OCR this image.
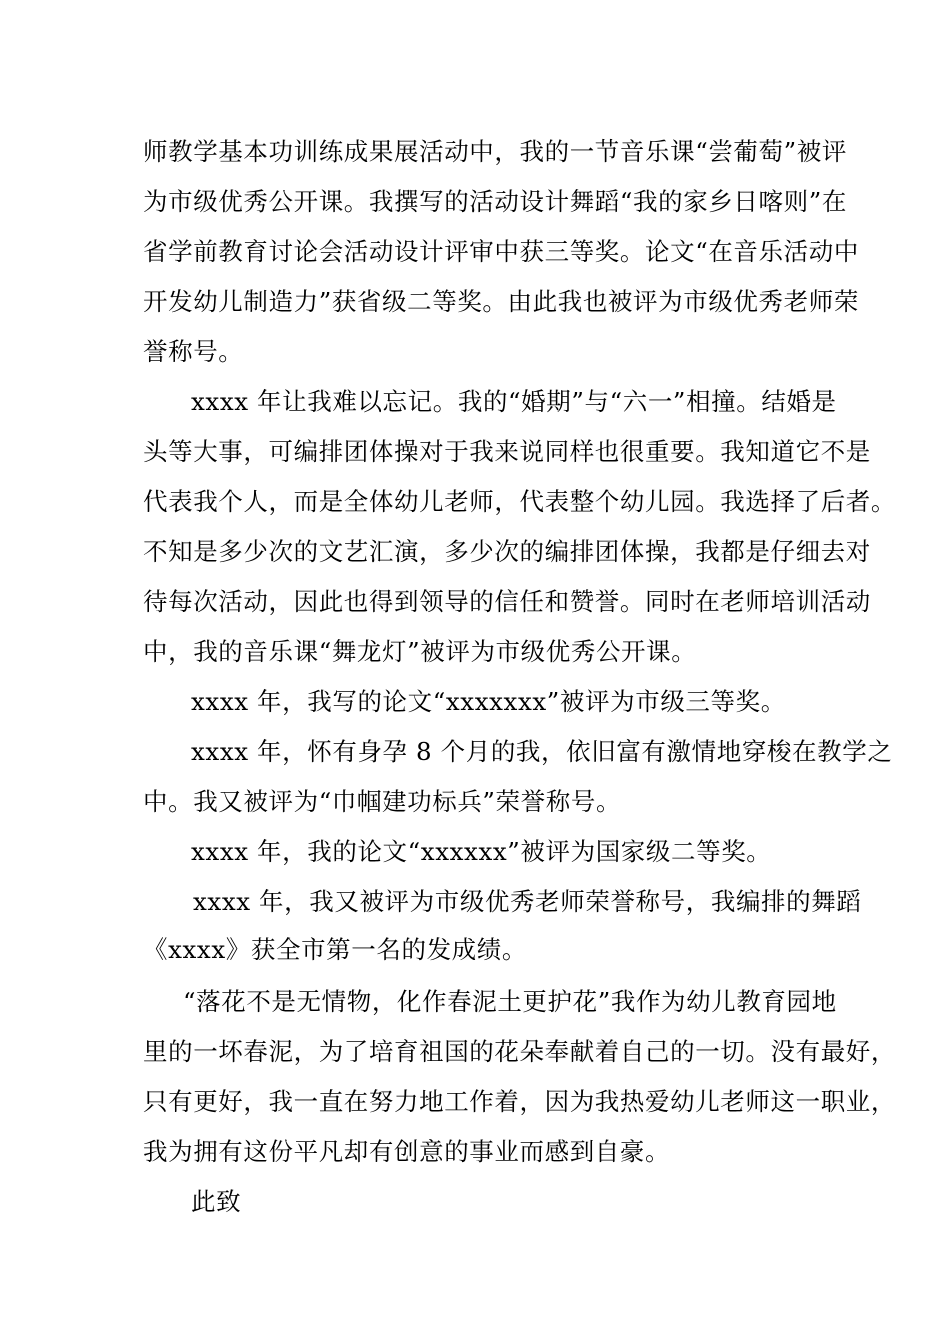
师教学基本功训练成果展活动中，我的一节音乐课“尝葡萄”被评
为市级优秀公开课。我撰写的活动设计舞蹈“我的家乡日喀则”在
省学前教育讨论会活动设计评审中获三等奖。论文“在音乐活动中
开发幼儿制造力”获省级二等奖。由此我也被评为市级优秀老师荣
誉称号。
xxxx 年让我难以忘记。我的“婚期”与“六一”相撞。结婚是
头等大事，可编排团体操对于我来说同样也很重要。我知道它不是
代表我个人，而是全体幼儿老师，代表整个幼儿园。我选择了后者。
不知是多少次的文艺汇演，多少次的编排团体操，我都是仔细去对
待每次活动，因此也得到领导的信任和赞誉。同时在老师培训活动
中，我的音乐课“舞龙灯”被评为市级优秀公开课。
xxxx 年，我写的论文“xxxxxxx”被评为市级三等奖。
xxxx 年，怀有身孕 8 个月的我，依旧富有激情地穿梭在教学之
中。我又被评为“巾帼建功标兵”荣誉称号。
xxxx 年，我的论文“xxxxxx”被评为国家级二等奖。
xxxx 年，我又被评为市级优秀老师荣誉称号，我编排的舞蹈
《xxxx》获全市第一名的发成绩。
“落花不是无情物，化作春泥土更护花”我作为幼儿教育园地
里的一坏春泥，为了培育祖国的花朵奉献着自己的一切。没有最好，
只有更好，我一直在努力地工作着，因为我热爱幼儿老师这一职业，
我为拥有这份平凡却有创意的事业而感到自豪。
此致
